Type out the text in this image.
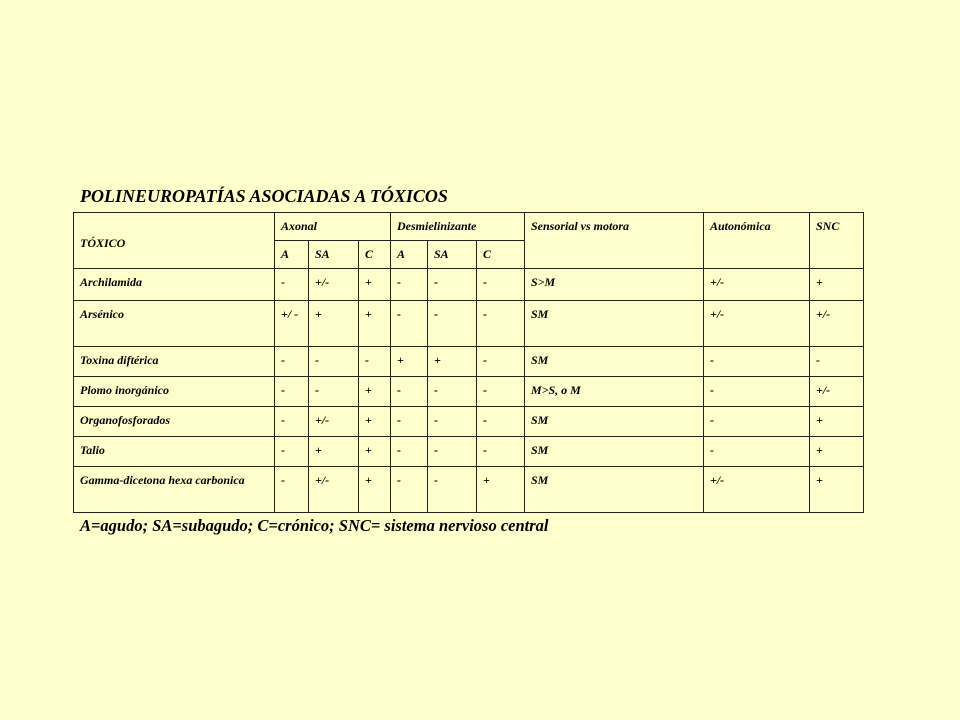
POLINEUROPATÍAS ASOCIADAS A TÓXICOS
TÓXICO	Axonal			Desmielinizante			Sensorial vs motora	Autonómica	SNC
	A	SA	C	A	SA	C			
Archilamida	-	+/-	+	-	-	-	S>M	+/-	+
Arsénico	+/ -	+	+	-	-	-	SM	+/-	+/-
Toxina diftérica	-	-	-	+	+	-	SM	-	-
Plomo inorgánico	-	-	+	-	-	-	M>S, o M	-	+/-
Organofosforados	-	+/-	+	-	-	-	SM	-	+
Talio	-	+	+	-	-	-	SM	-	+
Gamma-dicetona hexa carbonica	-	+/-	+	-	-	+	SM	+/-	+
A=agudo; SA=subagudo; C=crónico; SNC= sistema nervioso central
